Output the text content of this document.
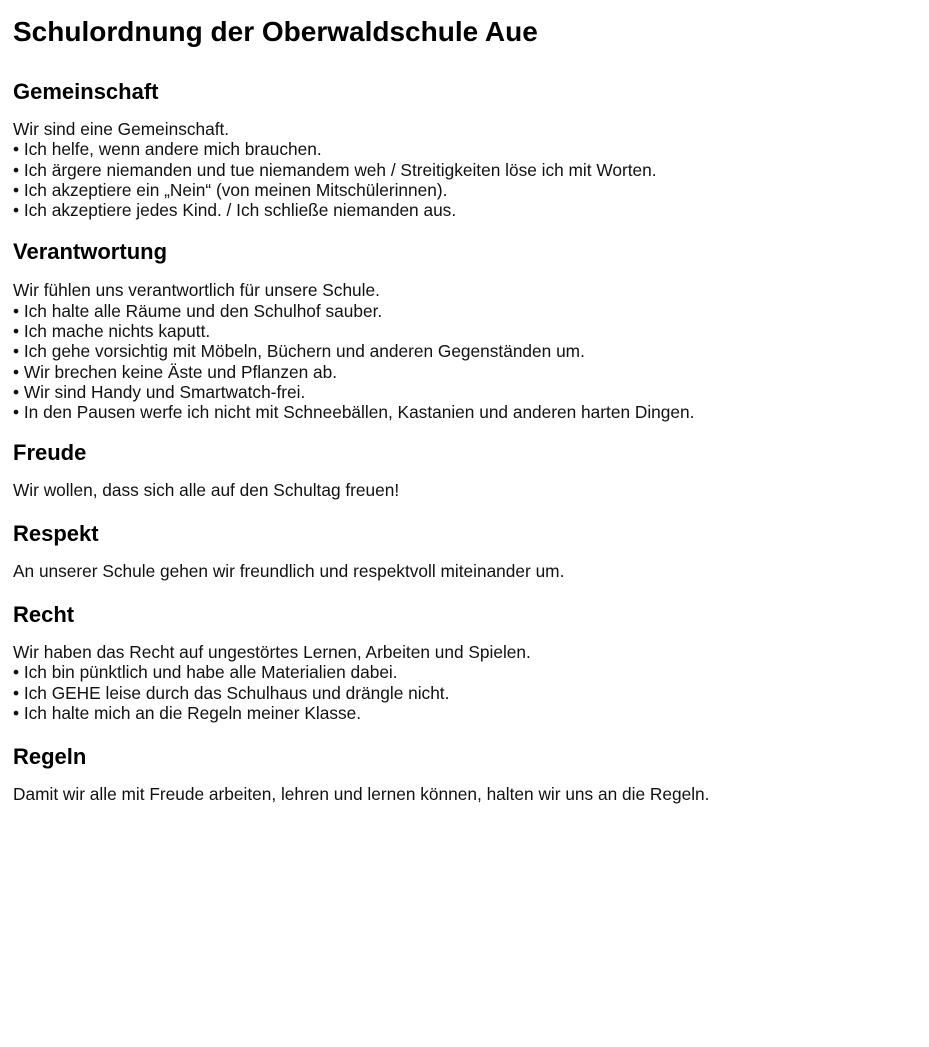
Schulordnung der Oberwaldschule Aue
Gemeinschaft
Wir sind eine Gemeinschaft.
• Ich helfe, wenn andere mich brauchen.
• Ich ärgere niemanden und tue niemandem weh / Streitigkeiten löse ich mit Worten.
• Ich akzeptiere ein „Nein“ (von meinen Mitschülerinnen).
• Ich akzeptiere jedes Kind. / Ich schließe niemanden aus.
Verantwortung
Wir fühlen uns verantwortlich für unsere Schule.
• Ich halte alle Räume und den Schulhof sauber.
• Ich mache nichts kaputt.
• Ich gehe vorsichtig mit Möbeln, Büchern und anderen Gegenständen um.
• Wir brechen keine Äste und Pflanzen ab.
• Wir sind Handy und Smartwatch-frei.
• In den Pausen werfe ich nicht mit Schneebällen, Kastanien und anderen harten Dingen.
Freude
Wir wollen, dass sich alle auf den Schultag freuen!
Respekt
An unserer Schule gehen wir freundlich und respektvoll miteinander um.
Recht
Wir haben das Recht auf ungestörtes Lernen, Arbeiten und Spielen.
• Ich bin pünktlich und habe alle Materialien dabei.
• Ich GEHE leise durch das Schulhaus und drängle nicht.
• Ich halte mich an die Regeln meiner Klasse.
Regeln
Damit wir alle mit Freude arbeiten, lehren und lernen können, halten wir uns an die Regeln.
